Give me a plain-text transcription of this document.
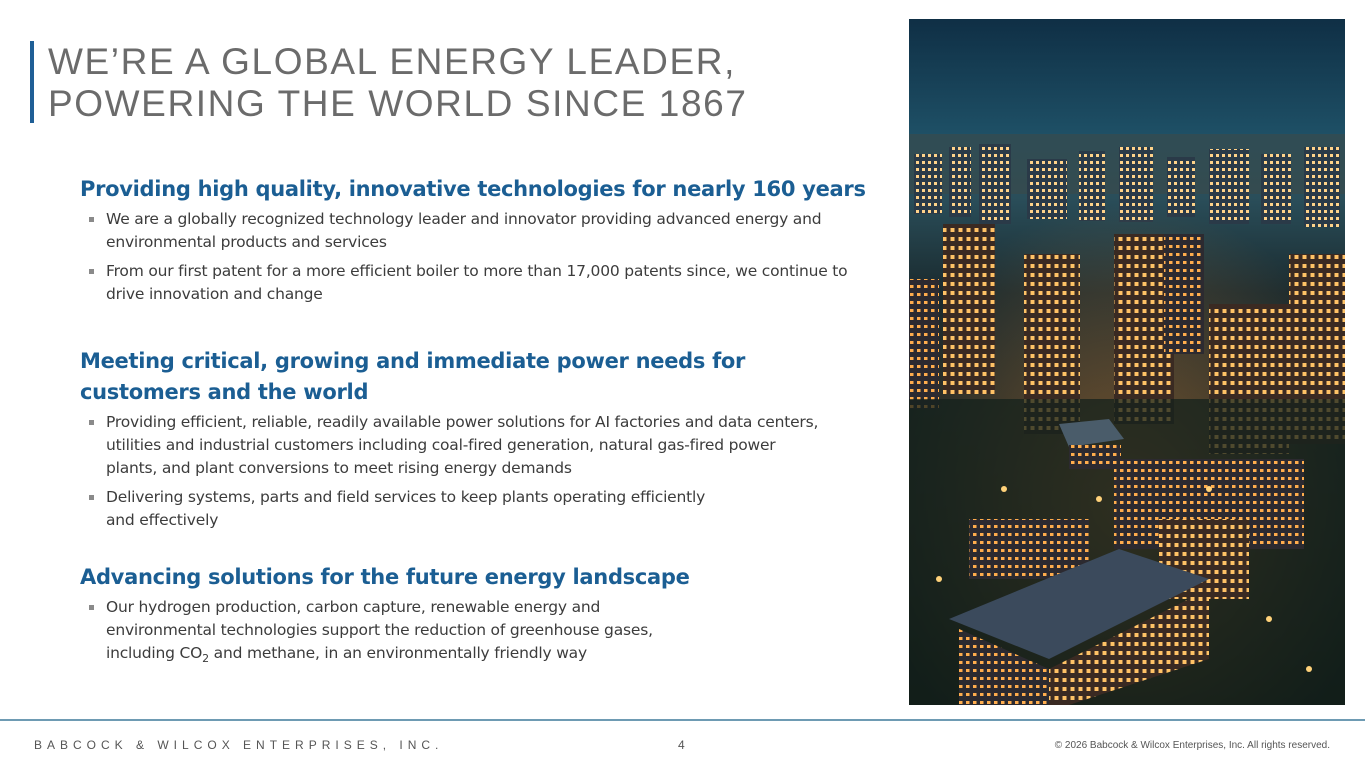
WE’RE A GLOBAL ENERGY LEADER,
POWERING THE WORLD SINCE 1867
Providing high quality, innovative technologies for nearly 160 years
We are a globally recognized technology leader and innovator providing advanced energy and environmental products and services
From our first patent for a more efficient boiler to more than 17,000 patents since, we continue to drive innovation and change
Meeting critical, growing and immediate power needs for
customers and the world
Providing efficient, reliable, readily available power solutions for AI factories and data centers, utilities and industrial customers including coal-fired generation, natural gas-fired power plants, and plant conversions to meet rising energy demands
Delivering systems, parts and field services to keep plants operating efficiently and effectively
Advancing solutions for the future energy landscape
Our hydrogen production, carbon capture, renewable energy and environmental technologies support the reduction of greenhouse gases, including $CO_2$ and methane, in an environmentally friendly way
BABCOCK & WILCOX ENTERPRISES, INC.	4	© 2026 Babcock & Wilcox Enterprises, Inc. All rights reserved.
